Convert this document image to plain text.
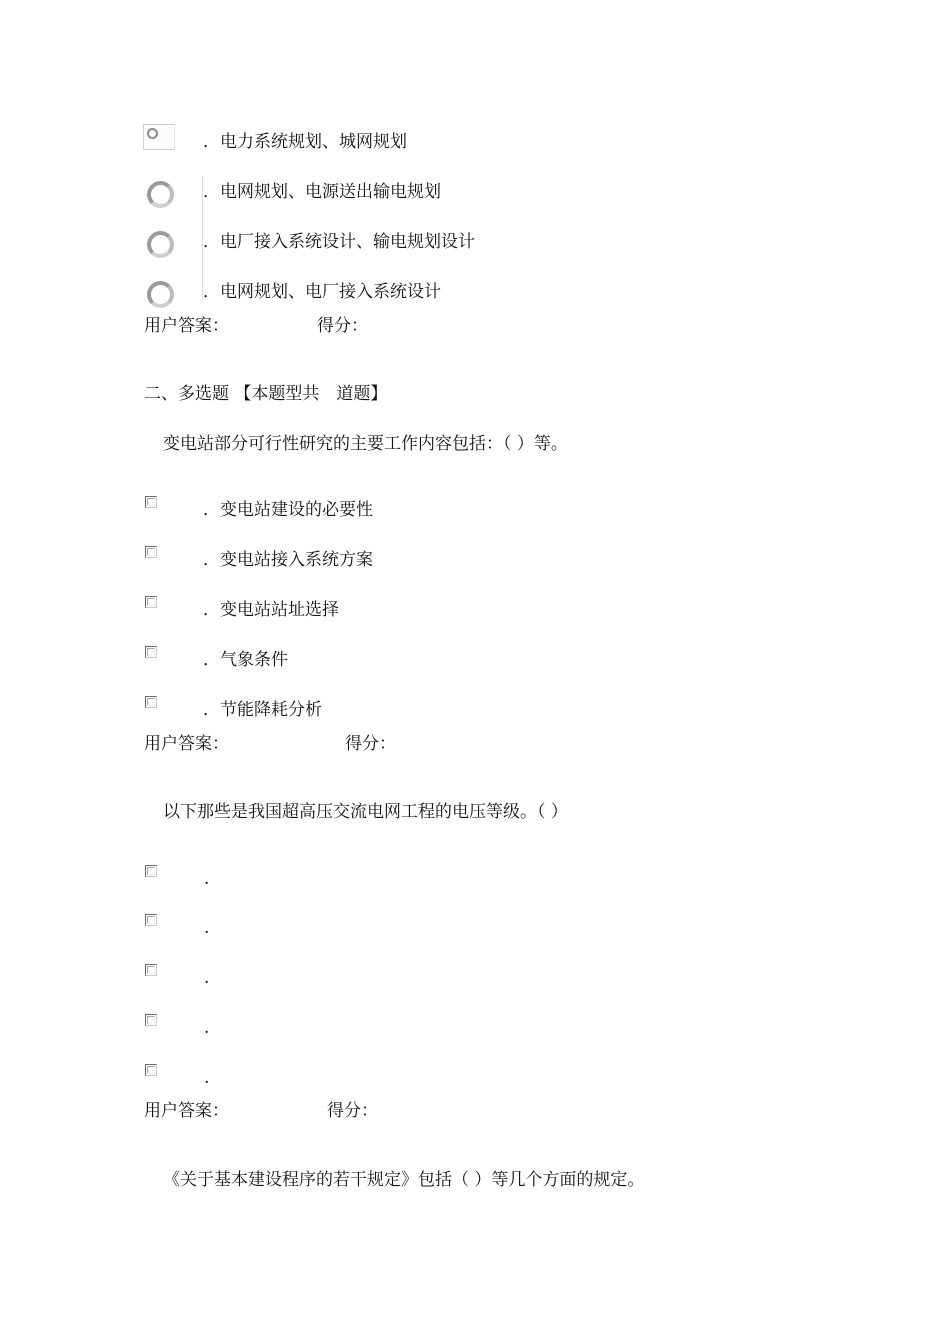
．电力系统规划、城网规划
．电网规划、电源送出输电规划
．电厂接入系统设计、输电规划设计
．电网规划、电厂接入系统设计
用户答案：	得分：
二、多选题 【本题型共　道题】
变电站部分可行性研究的主要工作内容包括：（ ）等。
．变电站建设的必要性
．变电站接入系统方案
．变电站站址选择
．气象条件
．节能降耗分析
用户答案：	得分：
以下那些是我国超高压交流电网工程的电压等级。（ ）
.
.
.
.
.
用户答案：	得分：
《关于基本建设程序的若干规定》包括（ ）等几个方面的规定。
